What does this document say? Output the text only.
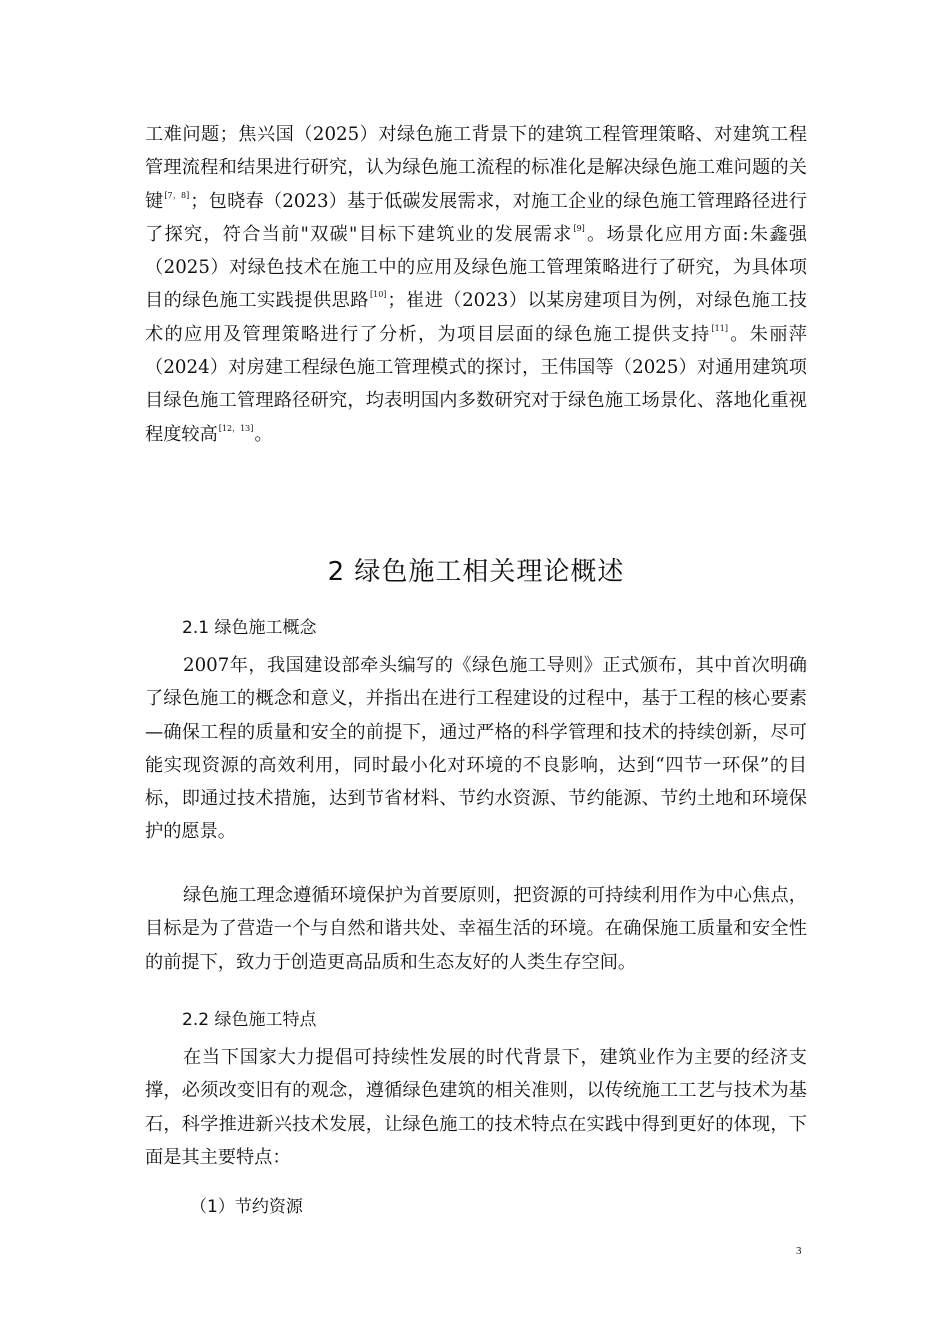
工难问题；焦兴国（2025）对绿色施工背景下的建筑工程管理策略、对建筑工程管理流程和结果进行研究，认为绿色施工流程的标准化是解决绿色施工难问题的关键[7，8]；包晓春（2023）基于低碳发展需求，对施工企业的绿色施工管理路径进行了探究，符合当前"双碳"目标下建筑业的发展需求[9]。场景化应用方面:朱鑫强（2025）对绿色技术在施工中的应用及绿色施工管理策略进行了研究，为具体项目的绿色施工实践提供思路[10]；崔进（2023）以某房建项目为例，对绿色施工技术的应用及管理策略进行了分析，为项目层面的绿色施工提供支持[11]。朱丽萍（2024）对房建工程绿色施工管理模式的探讨，王伟国等（2025）对通用建筑项目绿色施工管理路径研究，均表明国内多数研究对于绿色施工场景化、落地化重视程度较高[12，13]。

2 绿色施工相关理论概述
2.1 绿色施工概念

2007年，我国建设部牵头编写的《绿色施工导则》正式颁布，其中首次明确了绿色施工的概念和意义，并指出在进行工程建设的过程中，基于工程的核心要素—确保工程的质量和安全的前提下，通过严格的科学管理和技术的持续创新，尽可能实现资源的高效利用，同时最小化对环境的不良影响，达到“四节一环保”的目标，即通过技术措施，达到节省材料、节约水资源、节约能源、节约土地和环境保护的愿景。

绿色施工理念遵循环境保护为首要原则，把资源的可持续利用作为中心焦点，目标是为了营造一个与自然和谐共处、幸福生活的环境。在确保施工质量和安全性的前提下，致力于创造更高品质和生态友好的人类生存空间。

2.2 绿色施工特点

在当下国家大力提倡可持续性发展的时代背景下，建筑业作为主要的经济支撑，必须改变旧有的观念，遵循绿色建筑的相关准则，以传统施工工艺与技术为基石，科学推进新兴技术发展，让绿色施工的技术特点在实践中得到更好的体现，下面是其主要特点：

（1）节约资源
3
